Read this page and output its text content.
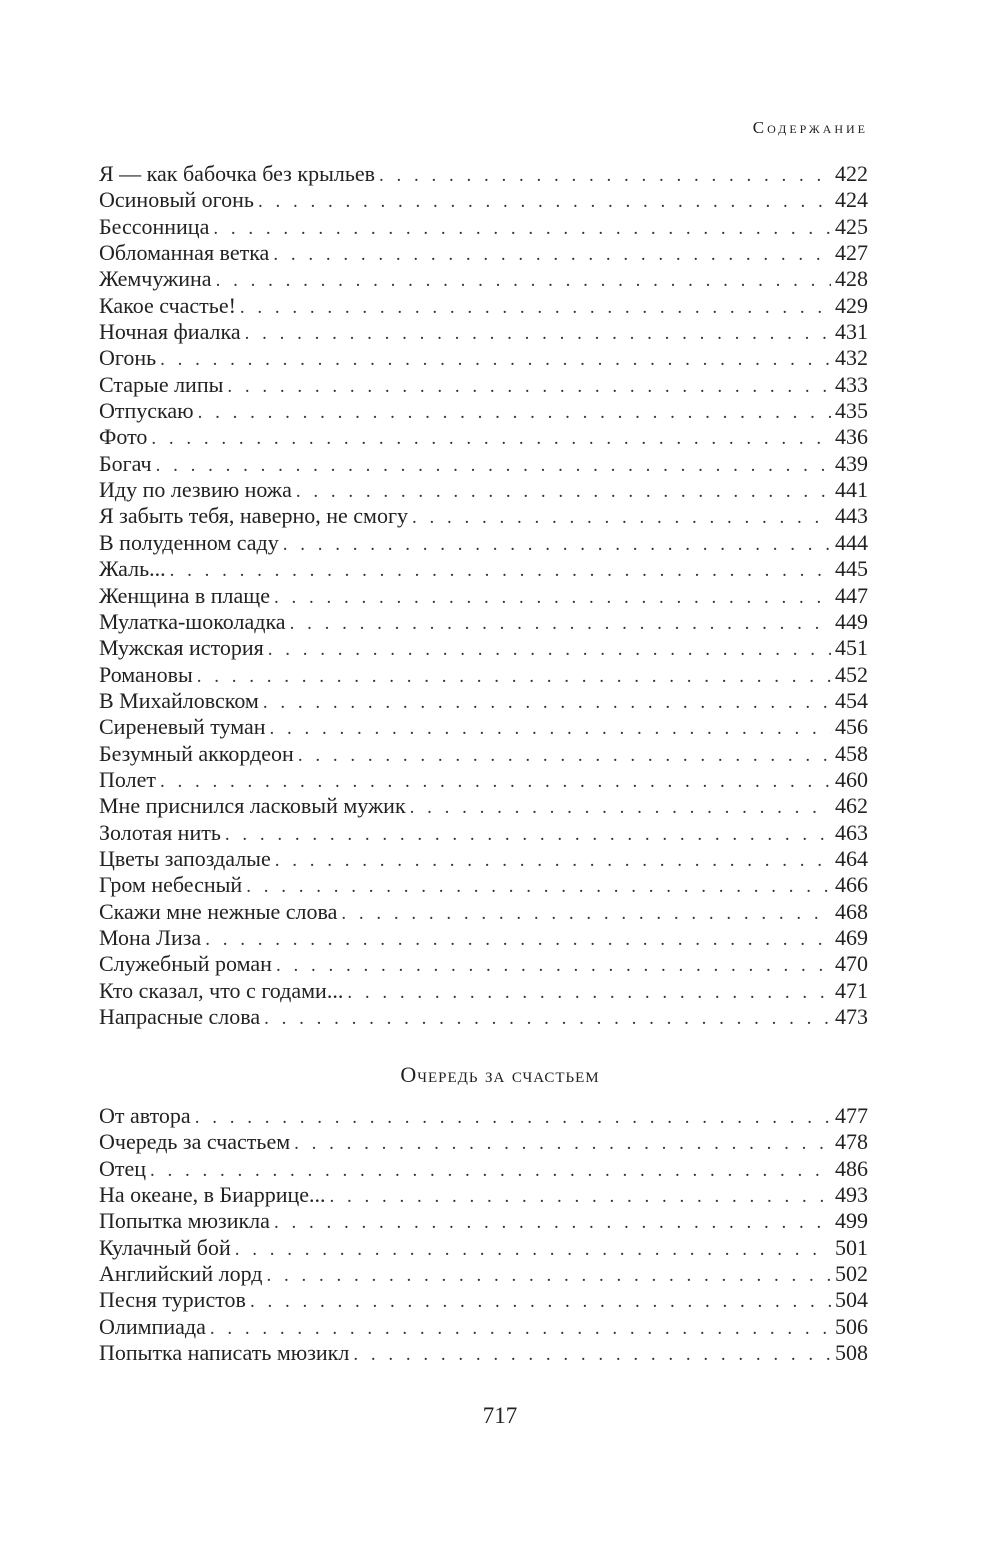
Содержание
Я — как бабочка без крыльев . . .	422
Осиновый огонь . . .	424
Бессонница . . .	425
Обломанная ветка . . .	427
Жемчужина . . .	428
Какое счастье! . . .	429
Ночная фиалка . . .	431
Огонь . . .	432
Старые липы . . .	433
Отпускаю . . .	435
Фото . . .	436
Богач . . .	439
Иду по лезвию ножа . . .	441
Я забыть тебя, наверно, не смогу . . .	443
В полуденном саду . . .	444
Жаль... . . .	445
Женщина в плаще . . .	447
Мулатка-шоколадка . . .	449
Мужская история . . .	451
Романовы . . .	452
В Михайловском . . .	454
Сиреневый туман . . .	456
Безумный аккордеон . . .	458
Полет . . .	460
Мне приснился ласковый мужик . . .	462
Золотая нить . . .	463
Цветы запоздалые . . .	464
Гром небесный . . .	466
Скажи мне нежные слова . . .	468
Мона Лиза . . .	469
Служебный роман . . .	470
Кто сказал, что с годами... . . .	471
Напрасные слова . . .	473
Очередь за счастьем
От автора . . .	477
Очередь за счастьем . . .	478
Отец . . .	486
На океане, в Биаррице... . . .	493
Попытка мюзикла . . .	499
Кулачный бой . . .	501
Английский лорд . . .	502
Песня туристов . . .	504
Олимпиада . . .	506
Попытка написать мюзикл . . .	508
717
